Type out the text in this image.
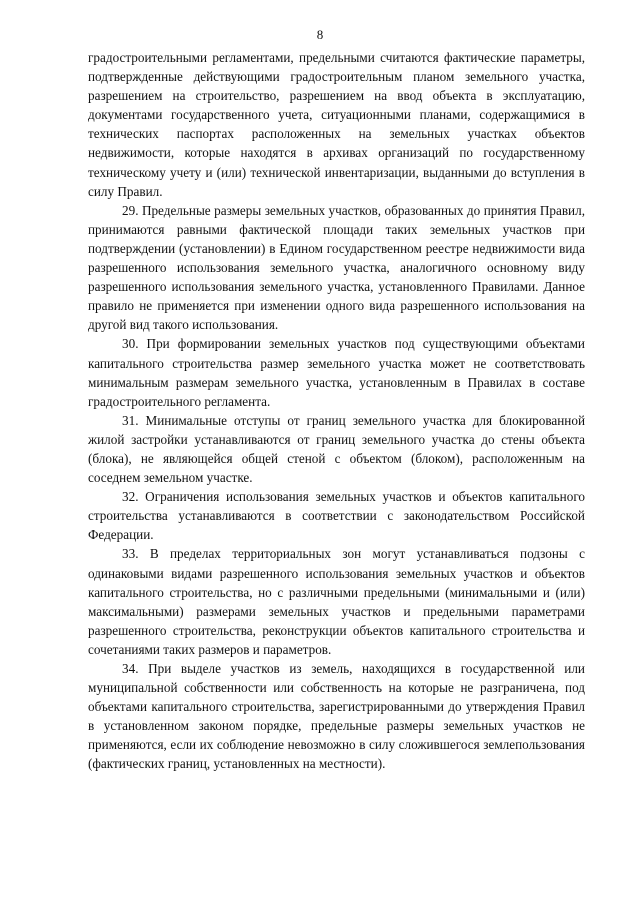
8

градостроительными регламентами, предельными считаются фактические параметры, подтвержденные действующими градостроительным планом земельного участка, разрешением на строительство, разрешением на ввод объекта в эксплуатацию, документами государственного учета, ситуационными планами, содержащимися в технических паспортах расположенных на земельных участках объектов недвижимости, которые находятся в архивах организаций по государственному техническому учету и (или) технической инвентаризации, выданными до вступления в силу Правил.

29. Предельные размеры земельных участков, образованных до принятия Правил, принимаются равными фактической площади таких земельных участков при подтверждении (установлении) в Едином государственном реестре недвижимости вида разрешенного использования земельного участка, аналогичного основному виду разрешенного использования земельного участка, установленного Правилами. Данное правило не применяется при изменении одного вида разрешенного использования на другой вид такого использования.

30. При формировании земельных участков под существующими объектами капитального строительства размер земельного участка может не соответствовать минимальным размерам земельного участка, установленным в Правилах в составе градостроительного регламента.

31. Минимальные отступы от границ земельного участка для блокированной жилой застройки устанавливаются от границ земельного участка до стены объекта (блока), не являющейся общей стеной с объектом (блоком), расположенным на соседнем земельном участке.

32. Ограничения использования земельных участков и объектов капитального строительства устанавливаются в соответствии с законодательством Российской Федерации.

33. В пределах территориальных зон могут устанавливаться подзоны с одинаковыми видами разрешенного использования земельных участков и объектов капитального строительства, но с различными предельными (минимальными и (или) максимальными) размерами земельных участков и предельными параметрами разрешенного строительства, реконструкции объектов капитального строительства и сочетаниями таких размеров и параметров.

34. При выделе участков из земель, находящихся в государственной или муниципальной собственности или собственность на которые не разграничена, под объектами капитального строительства, зарегистрированными до утверждения Правил в установленном законом порядке, предельные размеры земельных участков не применяются, если их соблюдение невозможно в силу сложившегося землепользования (фактических границ, установленных на местности).
